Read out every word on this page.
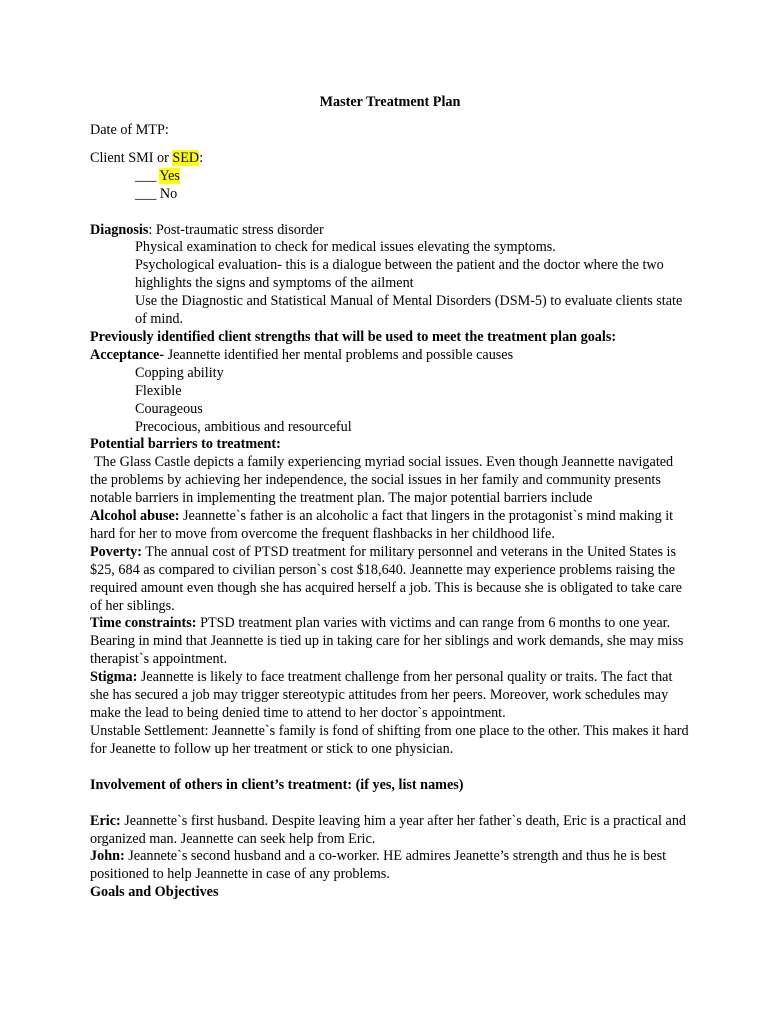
Master Treatment Plan

Date of MTP:

Client SMI or SED:

___ Yes

___ No

Diagnosis: Post-traumatic stress disorder

Physical examination to check for medical issues elevating the symptoms.

Psychological evaluation- this is a dialogue between the patient and the doctor where the two highlights the signs and symptoms of the ailment

Use the Diagnostic and Statistical Manual of Mental Disorders (DSM-5) to evaluate clients state of mind.

Previously identified client strengths that will be used to meet the treatment plan goals:

Acceptance- Jeannette identified her mental problems and possible causes

Copping ability

Flexible

Courageous

Precocious, ambitious and resourceful

Potential barriers to treatment:

The Glass Castle depicts a family experiencing myriad social issues. Even though Jeannette navigated the problems by achieving her independence, the social issues in her family and community presents notable barriers in implementing the treatment plan. The major potential barriers include

Alcohol abuse: Jeannette`s father is an alcoholic a fact that lingers in the protagonist`s mind making it hard for her to move from overcome the frequent flashbacks in her childhood life.

Poverty: The annual cost of PTSD treatment for military personnel and veterans in the United States is $25, 684 as compared to civilian person`s cost $18,640. Jeannette may experience problems raising the required amount even though she has acquired herself a job. This is because she is obligated to take care of her siblings.

Time constraints: PTSD treatment plan varies with victims and can range from 6 months to one year. Bearing in mind that Jeannette is tied up in taking care for her siblings and work demands, she may miss therapist`s appointment.

Stigma: Jeannette is likely to face treatment challenge from her personal quality or traits. The fact that she has secured a job may trigger stereotypic attitudes from her peers. Moreover, work schedules may make the lead to being denied time to attend to her doctor`s appointment.

Unstable Settlement: Jeannette`s family is fond of shifting from one place to the other. This makes it hard for Jeanette to follow up her treatment or stick to one physician.

Involvement of others in client’s treatment: (if yes, list names)

Eric: Jeannette`s first husband. Despite leaving him a year after her father`s death, Eric is a practical and organized man. Jeannette can seek help from Eric.

John: Jeannete`s second husband and a co-worker. HE admires Jeanette’s strength and thus he is best positioned to help Jeannette in case of any problems.

Goals and Objectives
